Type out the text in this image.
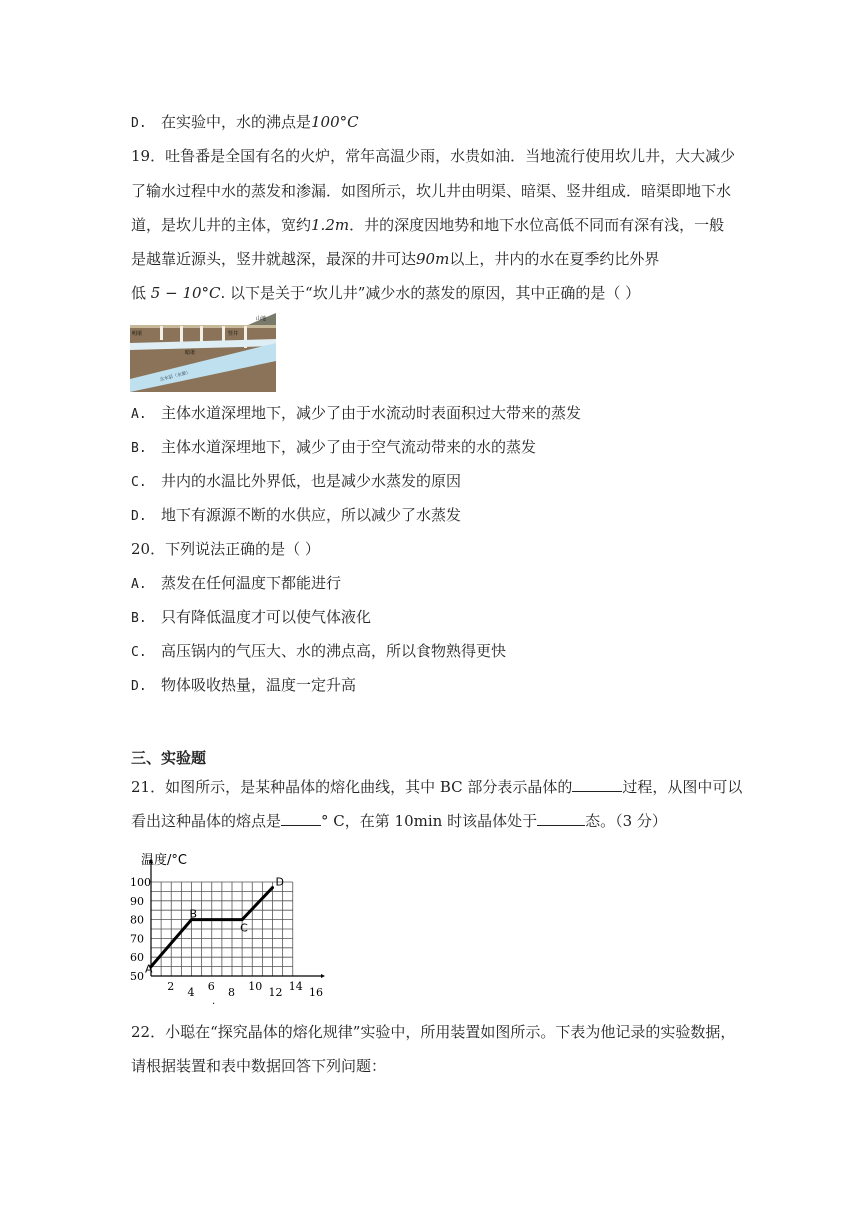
D. 在实验中，水的沸点是100°C
19．吐鲁番是全国有名的火炉，常年高温少雨，水贵如油．当地流行使用坎儿井，大大减少
了输水过程中水的蒸发和渗漏．如图所示，坎儿井由明渠、暗渠、竖井组成．暗渠即地下水
道，是坎儿井的主体，宽约1.2m．井的深度因地势和地下水位高低不同而有深有浅，一般
是越靠近源头，竖井就越深，最深的井可达90m以上，井内的水在夏季约比外界
低 5 − 10°C. 以下是关于“坎儿井”减少水的蒸发的原因，其中正确的是（ ）
明渠
暗渠
竖井
山地
含水层（水源）
A. 主体水道深埋地下，减少了由于水流动时表面积过大带来的蒸发
B. 主体水道深埋地下，减少了由于空气流动带来的水的蒸发
C. 井内的水温比外界低，也是减少水蒸发的原因
D. 地下有源源不断的水供应，所以减少了水蒸发
20．下列说法正确的是（ ）
A. 蒸发在任何温度下都能进行
B. 只有降低温度才可以使气体液化
C. 高压锅内的气压大、水的沸点高，所以食物熟得更快
D. 物体吸收热量，温度一定升高
三、实验题
21．如图所示，是某种晶体的熔化曲线，其中 BC 部分表示晶体的	过程，从图中可以
看出这种晶体的熔点是	° C，在第 10min 时该晶体处于	态。（3 分）
2 4 6 8 10 12 14 16
50
60
70
80
90
100
A
B
C
D
温度/°C
.
22．小聪在“探究晶体的熔化规律”实验中，所用装置如图所示。下表为他记录的实验数据，
请根据装置和表中数据回答下列问题：
